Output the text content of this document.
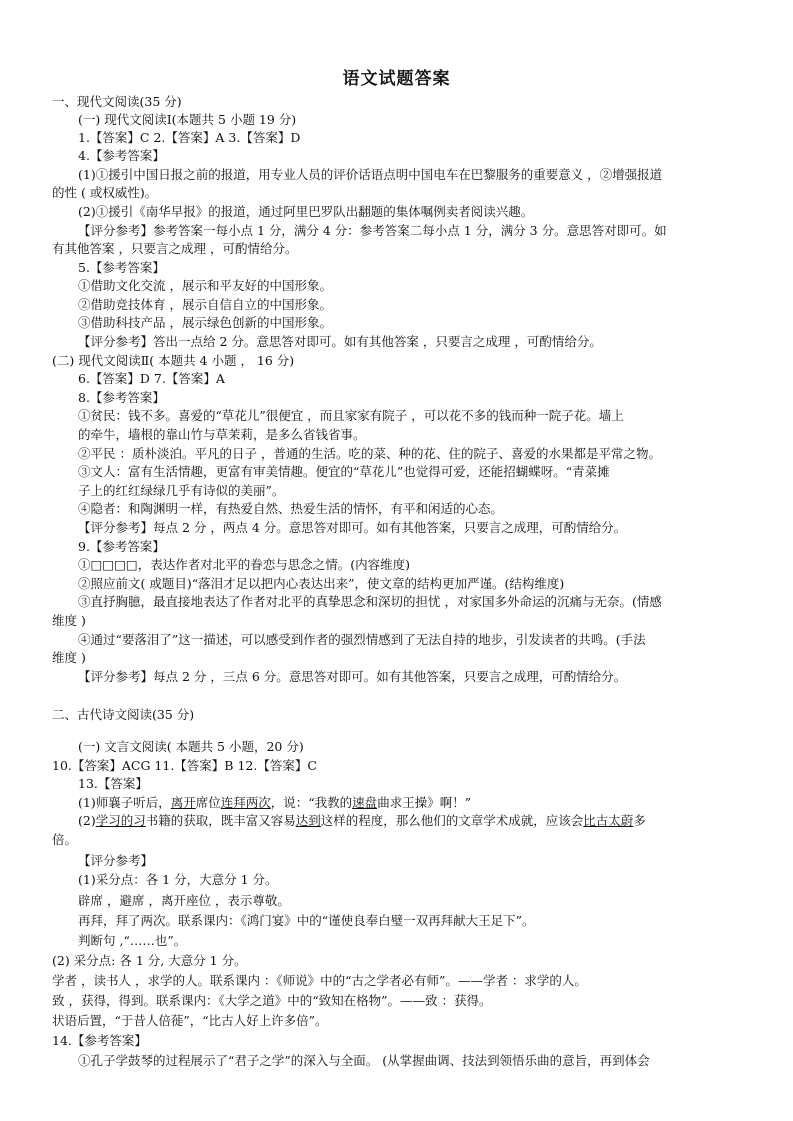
语文试题答案
一、现代文阅读(35 分)
(一) 现代文阅读Ⅰ(本题共 5 小题 19 分)
1.【答案】C 2.【答案】A 3.【答案】D
4.【参考答案】
(1)①援引中国日报之前的报道，用专业人员的评价话语点明中国电车在巴黎服务的重要意义 ，②增强报道
的性 ( 或权威性)。
(2)①援引《南华早报》的报道，通过阿里巴罗队出翻题的集体嘱例卖者阅读兴趣。
【评分参考】参考答案一每小点 1 分，满分 4 分：参考答案二每小点 1 分，满分 3 分。意思答对即可。如
有其他答案 ，只要言之成理 ，可酌情给分。
5.【参考答案】
①借助文化交流 ，展示和平友好的中国形象。
②借助竞技体育 ，展示自信自立的中国形象。
③借助科技产品 ，展示绿色创新的中国形象。
【评分参考】答出一点给 2 分。意思答对即可。如有其他答案 ，只要言之成理 ，可酌情给分。
(二) 现代文阅读Ⅱ( 本题共 4 小题 ， 16 分)
6.【答案】D 7.【答案】A
8.【参考答案】
①贫民：钱不多。喜爱的“草花儿”很便宜 ，而且家家有院子 ，可以花不多的钱而种一院子花。墙上
的牵牛，墙根的靠山竹与草茉莉，是多么省钱省事。
②平民 ：质朴淡泊。平凡的日子 ，普通的生活。吃的菜、种的花、住的院子、喜爱的水果都是平常之物。
③文人：富有生活情趣，更富有审美情趣。便宜的“草花儿”也觉得可爱，还能招蝴蝶呀。“青菜摊
子上的红红绿绿几乎有诗似的美丽”。
④隐者：和陶渊明一样，有热爱自然、热爱生活的情怀，有平和闲适的心态。
【评分参考】每点 2 分 ，两点 4 分。意思答对即可。如有其他答案，只要言之成理，可酌情给分。
9.【参考答案】
①□□□□，表达作者对北平的眷恋与思念之情。(内容维度)
②照应前文( 或题目)“落泪才足以把内心表达出来”，使文章的结构更加严谨。(结构维度)
③直抒胸臆，最直接地表达了作者对北平的真挚思念和深切的担忧 ，对家国多外命运的沉痛与无奈。(情感
维度 )
④通过“要落泪了”这一描述，可以感受到作者的强烈情感到了无法自持的地步，引发读者的共鸣。(手法
维度 )
【评分参考】每点 2 分 ，三点 6 分。意思答对即可。如有其他答案，只要言之成理，可酌情给分。
二、古代诗文阅读(35 分)
(一) 文言文阅读( 本题共 5 小题，20 分)
10.【答案】ACG 11.【答案】B 12.【答案】C
13.【答案】
(1)师襄子听后，离开席位连拜两次，说：“我教的速盘曲求王操》啊！”
(2)学习的习书籍的获取，既丰富又容易达到这样的程度，那么他们的文章学术成就，应该会比古太蔚多
倍。
【评分参考】
(1)采分点：各 1 分，大意分 1 分。
辟席 ，避席 ，离开座位 ，表示尊敬。
再拜，拜了两次。联系课内：《鸿门宴》中的“谨使良奉白璧一双再拜献大王足下”。
判断句 ,“……也”。
(2) 采分点: 各 1 分, 大意分 1 分。
学者 ，读书人 ，求学的人。联系课内 ：《师说》中的“古之学者必有师”。——学者 ：求学的人。
致 ，获得，得到。联系课内：《大学之道》中的“致知在格物”。——致 ：获得。
状语后置，“于昔人倍蓰”，“比古人好上许多倍”。
14.【参考答案】
①孔子学鼓琴的过程展示了“君子之学”的深入与全面。 (从掌握曲调、技法到领悟乐曲的意旨，再到体会
